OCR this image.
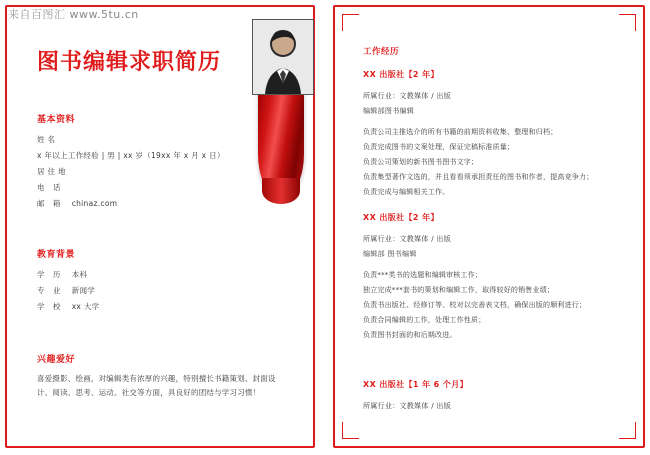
来自百图汇 www.5tu.cn
图书编辑求职简历
基本资料
姓名
x 年以上工作经验 | 男 | xx 岁（19xx 年 x 月 x 日）
居住地
电 话
邮 箱 chinaz.com
教育背景
学 历 本科
专 业 新闻学
学 校 xx 大学
兴趣爱好
喜爱摄影、绘画，对编辑类有浓厚的兴趣，特别擅长书籍策划、封面设计、阅读、思考、运动。社交等方面，具良好的团结与学习习惯！
工作经历
XX 出版社【2 年】
所属行业：文教媒体 / 出版
编辑部图书编辑
负责公司主推选介的所有书籍的前期资料收集、整理和归档；
负责完成图书的文案处理，保证完稿标准质量；
负责公司策划的新书图书图书文字；
负责集型著作文选的，并且看看须承担责任的图书和作者，提高竞争力；
负责完成与编辑相关工作。
XX 出版社【2 年】
所属行业：文教媒体 / 出版
编辑部 图书编辑
负责***类书的选题和编辑审核工作；
独立完成***套书的策划和编辑工作，取得较好的销售业绩；
负责书出版社、经修订等、校对以完善表文档，确保出版的顺利进行；
负责合同编辑的工作，处理工作性质；
负责图书封面的和后期改进。
XX 出版社【1 年 6 个月】
所属行业：文教媒体 / 出版
